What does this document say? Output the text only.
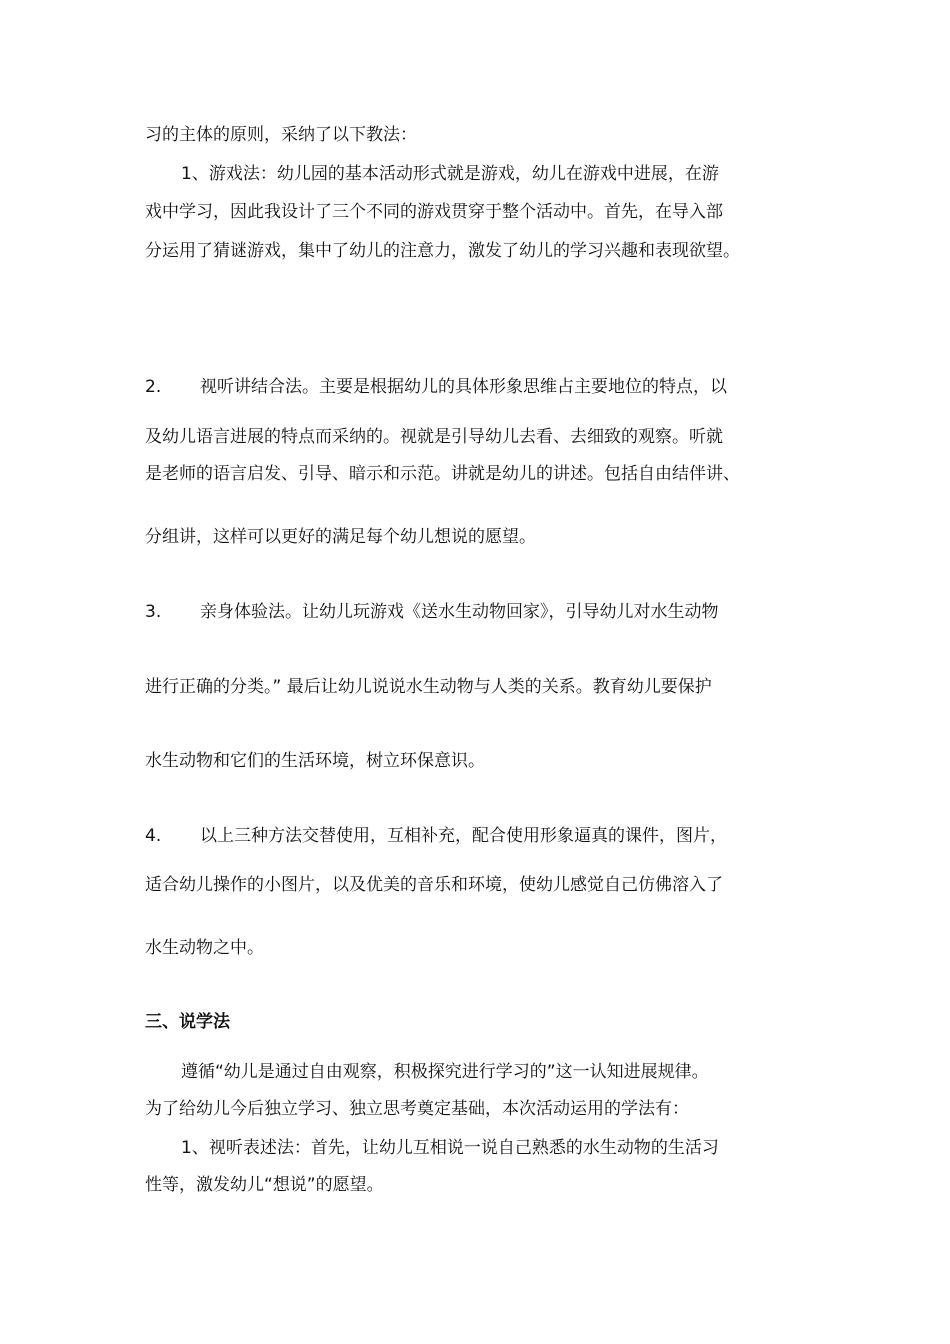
习的主体的原则，采纳了以下教法：
1、游戏法：幼儿园的基本活动形式就是游戏，幼儿在游戏中进展，在游
戏中学习，因此我设计了三个不同的游戏贯穿于整个活动中。首先，在导入部
分运用了猜谜游戏，集中了幼儿的注意力，激发了幼儿的学习兴趣和表现欲望。
2. 视听讲结合法。主要是根据幼儿的具体形象思维占主要地位的特点，以
及幼儿语言进展的特点而采纳的。视就是引导幼儿去看、去细致的观察。听就
是老师的语言启发、引导、暗示和示范。讲就是幼儿的讲述。包括自由结伴讲、
分组讲，这样可以更好的满足每个幼儿想说的愿望。
3. 亲身体验法。让幼儿玩游戏《送水生动物回家》，引导幼儿对水生动物
进行正确的分类。” 最后让幼儿说说水生动物与人类的关系。教育幼儿要保护
水生动物和它们的生活环境，树立环保意识。
4. 以上三种方法交替使用，互相补充，配合使用形象逼真的课件，图片，
适合幼儿操作的小图片，以及优美的音乐和环境，使幼儿感觉自己仿佛溶入了
水生动物之中。
三、说学法
遵循“幼儿是通过自由观察，积极探究进行学习的”这一认知进展规律。
为了给幼儿今后独立学习、独立思考奠定基础，本次活动运用的学法有：
1、视听表述法：首先，让幼儿互相说一说自己熟悉的水生动物的生活习
性等，激发幼儿“想说”的愿望。
